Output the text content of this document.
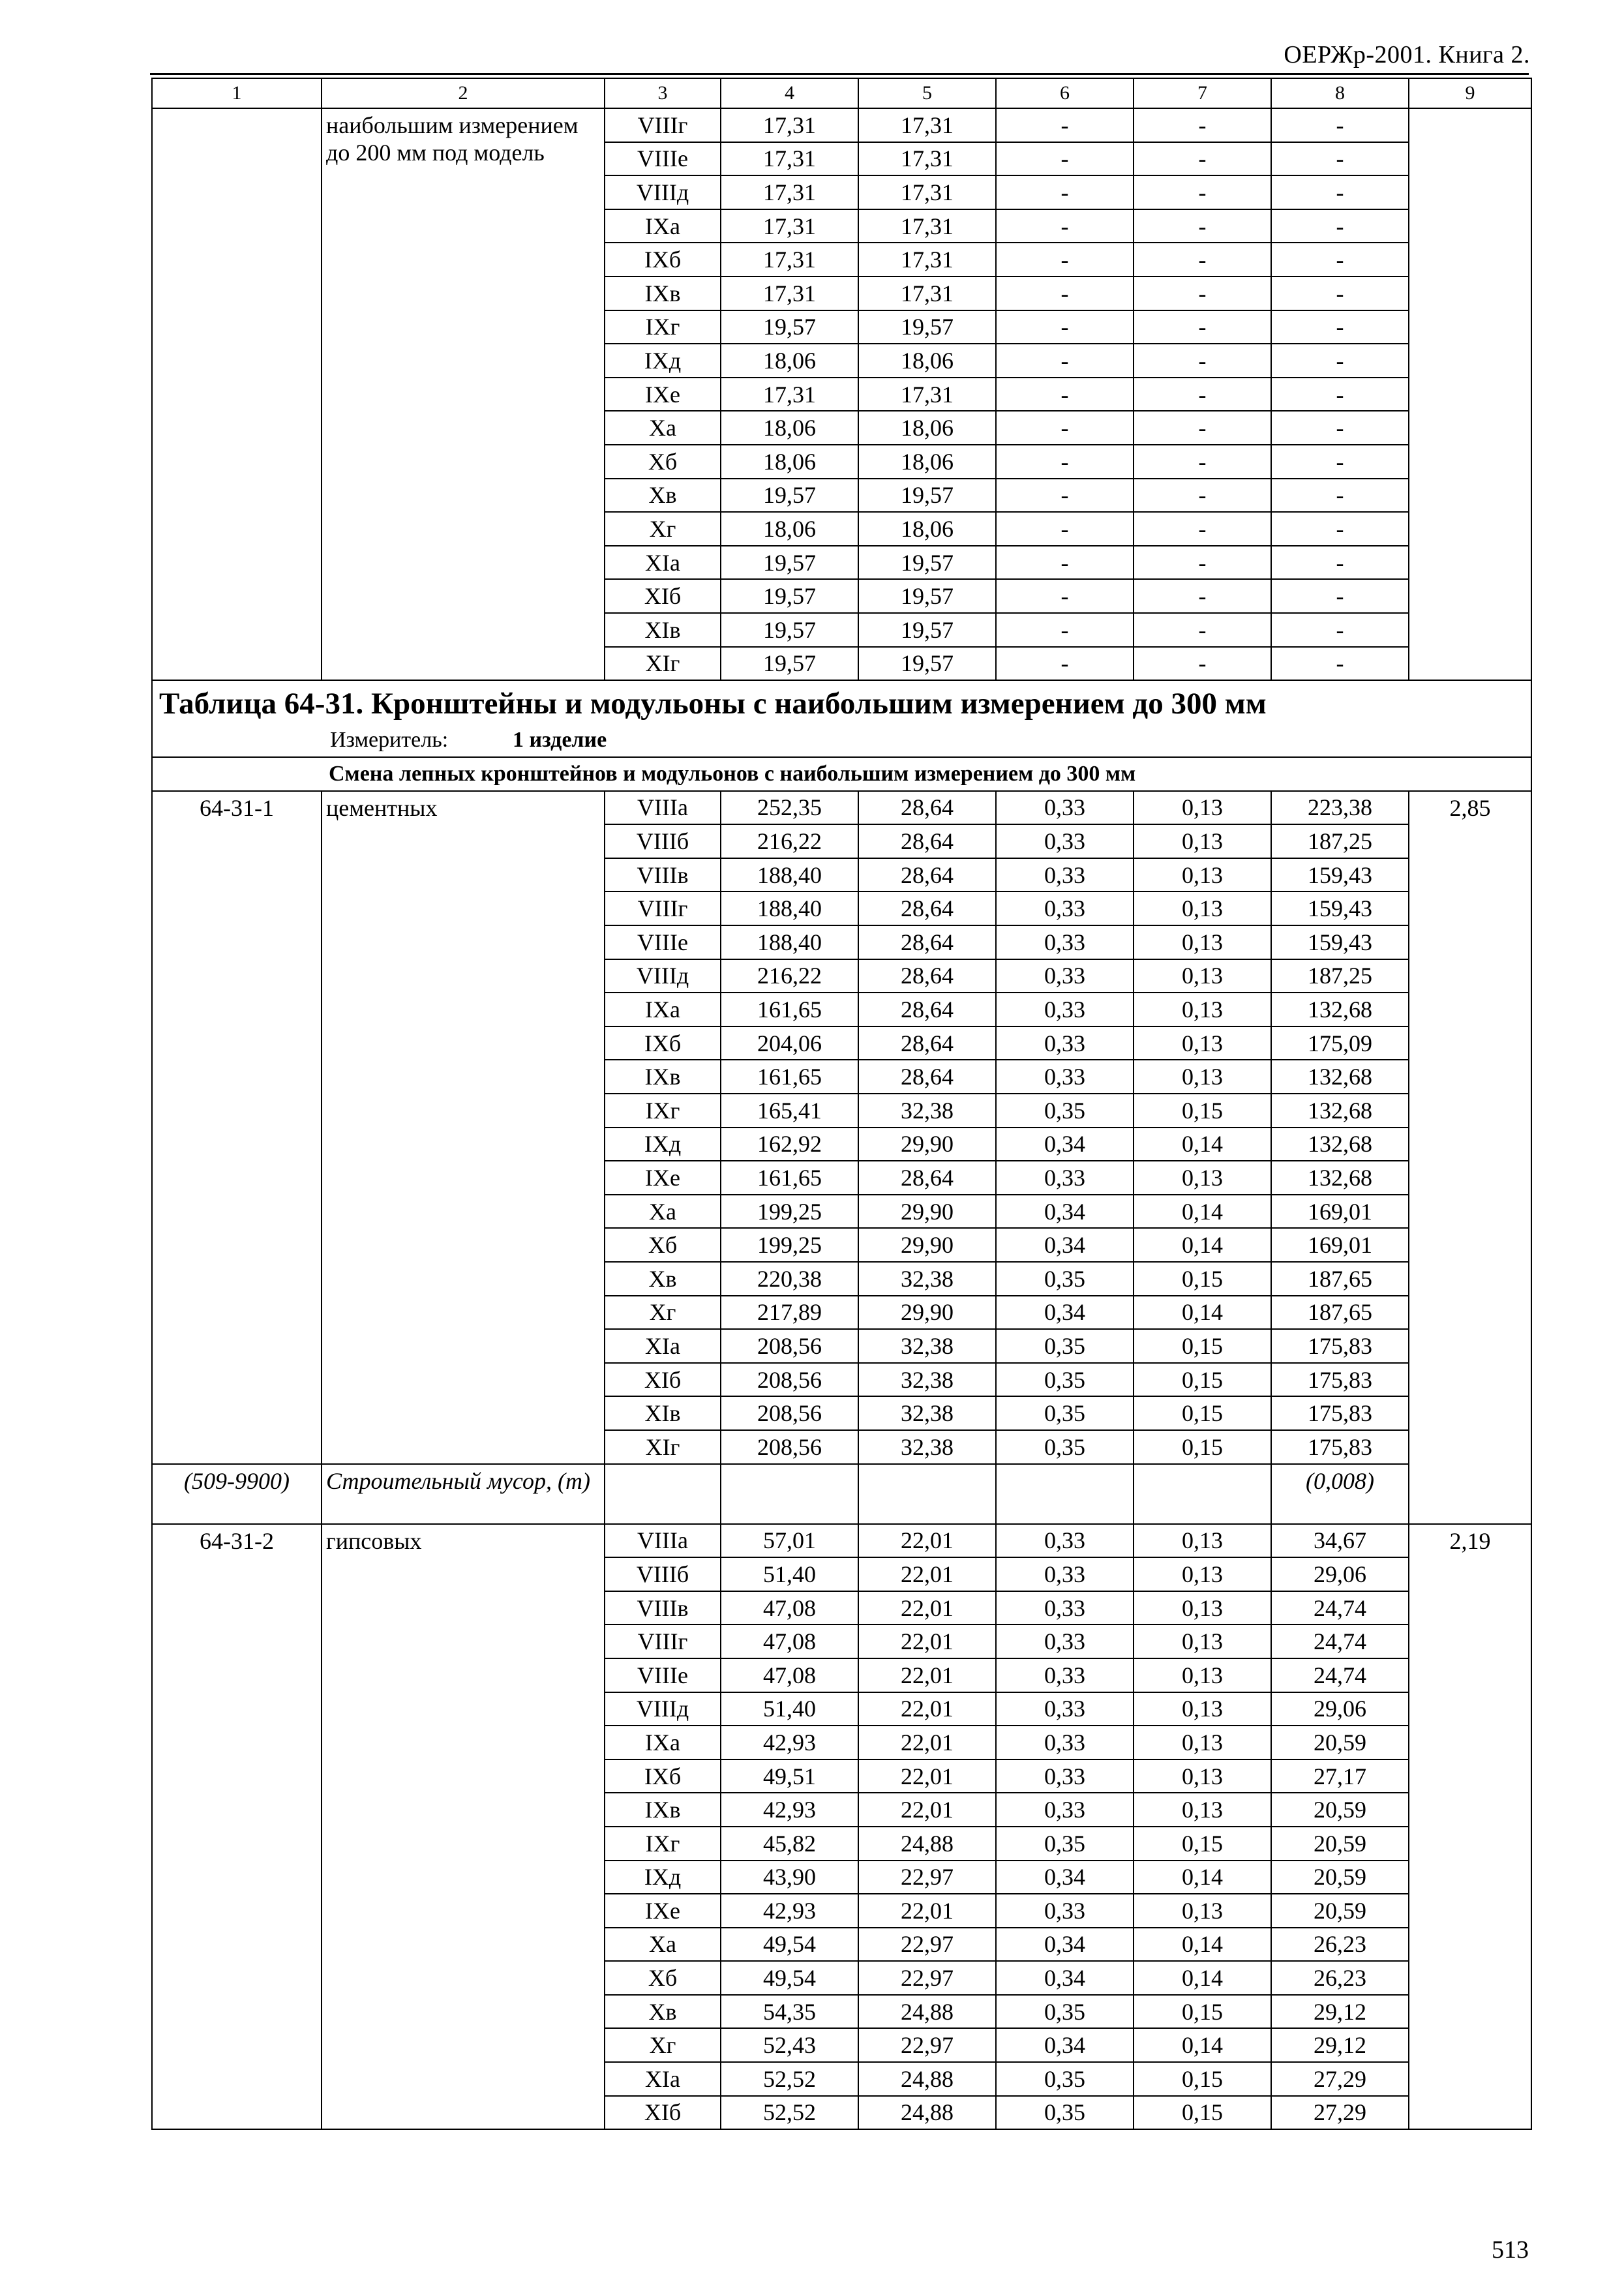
ОЕРЖр-2001. Книга 2.
1	2	3	4	5	6	7	8	9
	наибольшим измерением до 200 мм под модель	VIIIг	17,31	17,31	-	-	-	
		VIIIе	17,31	17,31	-	-	-	
		VIIIд	17,31	17,31	-	-	-	
		IXа	17,31	17,31	-	-	-	
		IXб	17,31	17,31	-	-	-	
		IXв	17,31	17,31	-	-	-	
		IXг	19,57	19,57	-	-	-	
		IXд	18,06	18,06	-	-	-	
		IXе	17,31	17,31	-	-	-	
		Xа	18,06	18,06	-	-	-	
		Xб	18,06	18,06	-	-	-	
		Xв	19,57	19,57	-	-	-	
		Xг	18,06	18,06	-	-	-	
		XIа	19,57	19,57	-	-	-	
		XIб	19,57	19,57	-	-	-	
		XIв	19,57	19,57	-	-	-	
		XIг	19,57	19,57	-	-	-	

Таблица 64-31. Кронштейны и модульоны с наибольшим измерением до 300 мм
Измеритель: 1 изделие								

Смена лепных кронштейнов и модульонов с наибольшим измерением до 300 мм								
64-31-1	цементных	VIIIа	252,35	28,64	0,33	0,13	223,38	2,85
		VIIIб	216,22	28,64	0,33	0,13	187,25	
		VIIIв	188,40	28,64	0,33	0,13	159,43	
		VIIIг	188,40	28,64	0,33	0,13	159,43	
		VIIIе	188,40	28,64	0,33	0,13	159,43	
		VIIIд	216,22	28,64	0,33	0,13	187,25	
		IXа	161,65	28,64	0,33	0,13	132,68	
		IXб	204,06	28,64	0,33	0,13	175,09	
		IXв	161,65	28,64	0,33	0,13	132,68	
		IXг	165,41	32,38	0,35	0,15	132,68	
		IXд	162,92	29,90	0,34	0,14	132,68	
		IXе	161,65	28,64	0,33	0,13	132,68	
		Xа	199,25	29,90	0,34	0,14	169,01	
		Xб	199,25	29,90	0,34	0,14	169,01	
		Xв	220,38	32,38	0,35	0,15	187,65	
		Xг	217,89	29,90	0,34	0,14	187,65	
		XIа	208,56	32,38	0,35	0,15	175,83	
		XIб	208,56	32,38	0,35	0,15	175,83	
		XIв	208,56	32,38	0,35	0,15	175,83	
		XIг	208,56	32,38	0,35	0,15	175,83	
(509-9900)	Строительный мусор, (т)						(0,008)	
64-31-2	гипсовых	VIIIа	57,01	22,01	0,33	0,13	34,67	2,19
		VIIIб	51,40	22,01	0,33	0,13	29,06	
		VIIIв	47,08	22,01	0,33	0,13	24,74	
		VIIIг	47,08	22,01	0,33	0,13	24,74	
		VIIIе	47,08	22,01	0,33	0,13	24,74	
		VIIIд	51,40	22,01	0,33	0,13	29,06	
		IXа	42,93	22,01	0,33	0,13	20,59	
		IXб	49,51	22,01	0,33	0,13	27,17	
		IXв	42,93	22,01	0,33	0,13	20,59	
		IXг	45,82	24,88	0,35	0,15	20,59	
		IXд	43,90	22,97	0,34	0,14	20,59	
		IXе	42,93	22,01	0,33	0,13	20,59	
		Xа	49,54	22,97	0,34	0,14	26,23	
		Xб	49,54	22,97	0,34	0,14	26,23	
		Xв	54,35	24,88	0,35	0,15	29,12	
		Xг	52,43	22,97	0,34	0,14	29,12	
		XIа	52,52	24,88	0,35	0,15	27,29	
		XIб	52,52	24,88	0,35	0,15	27,29	
513
